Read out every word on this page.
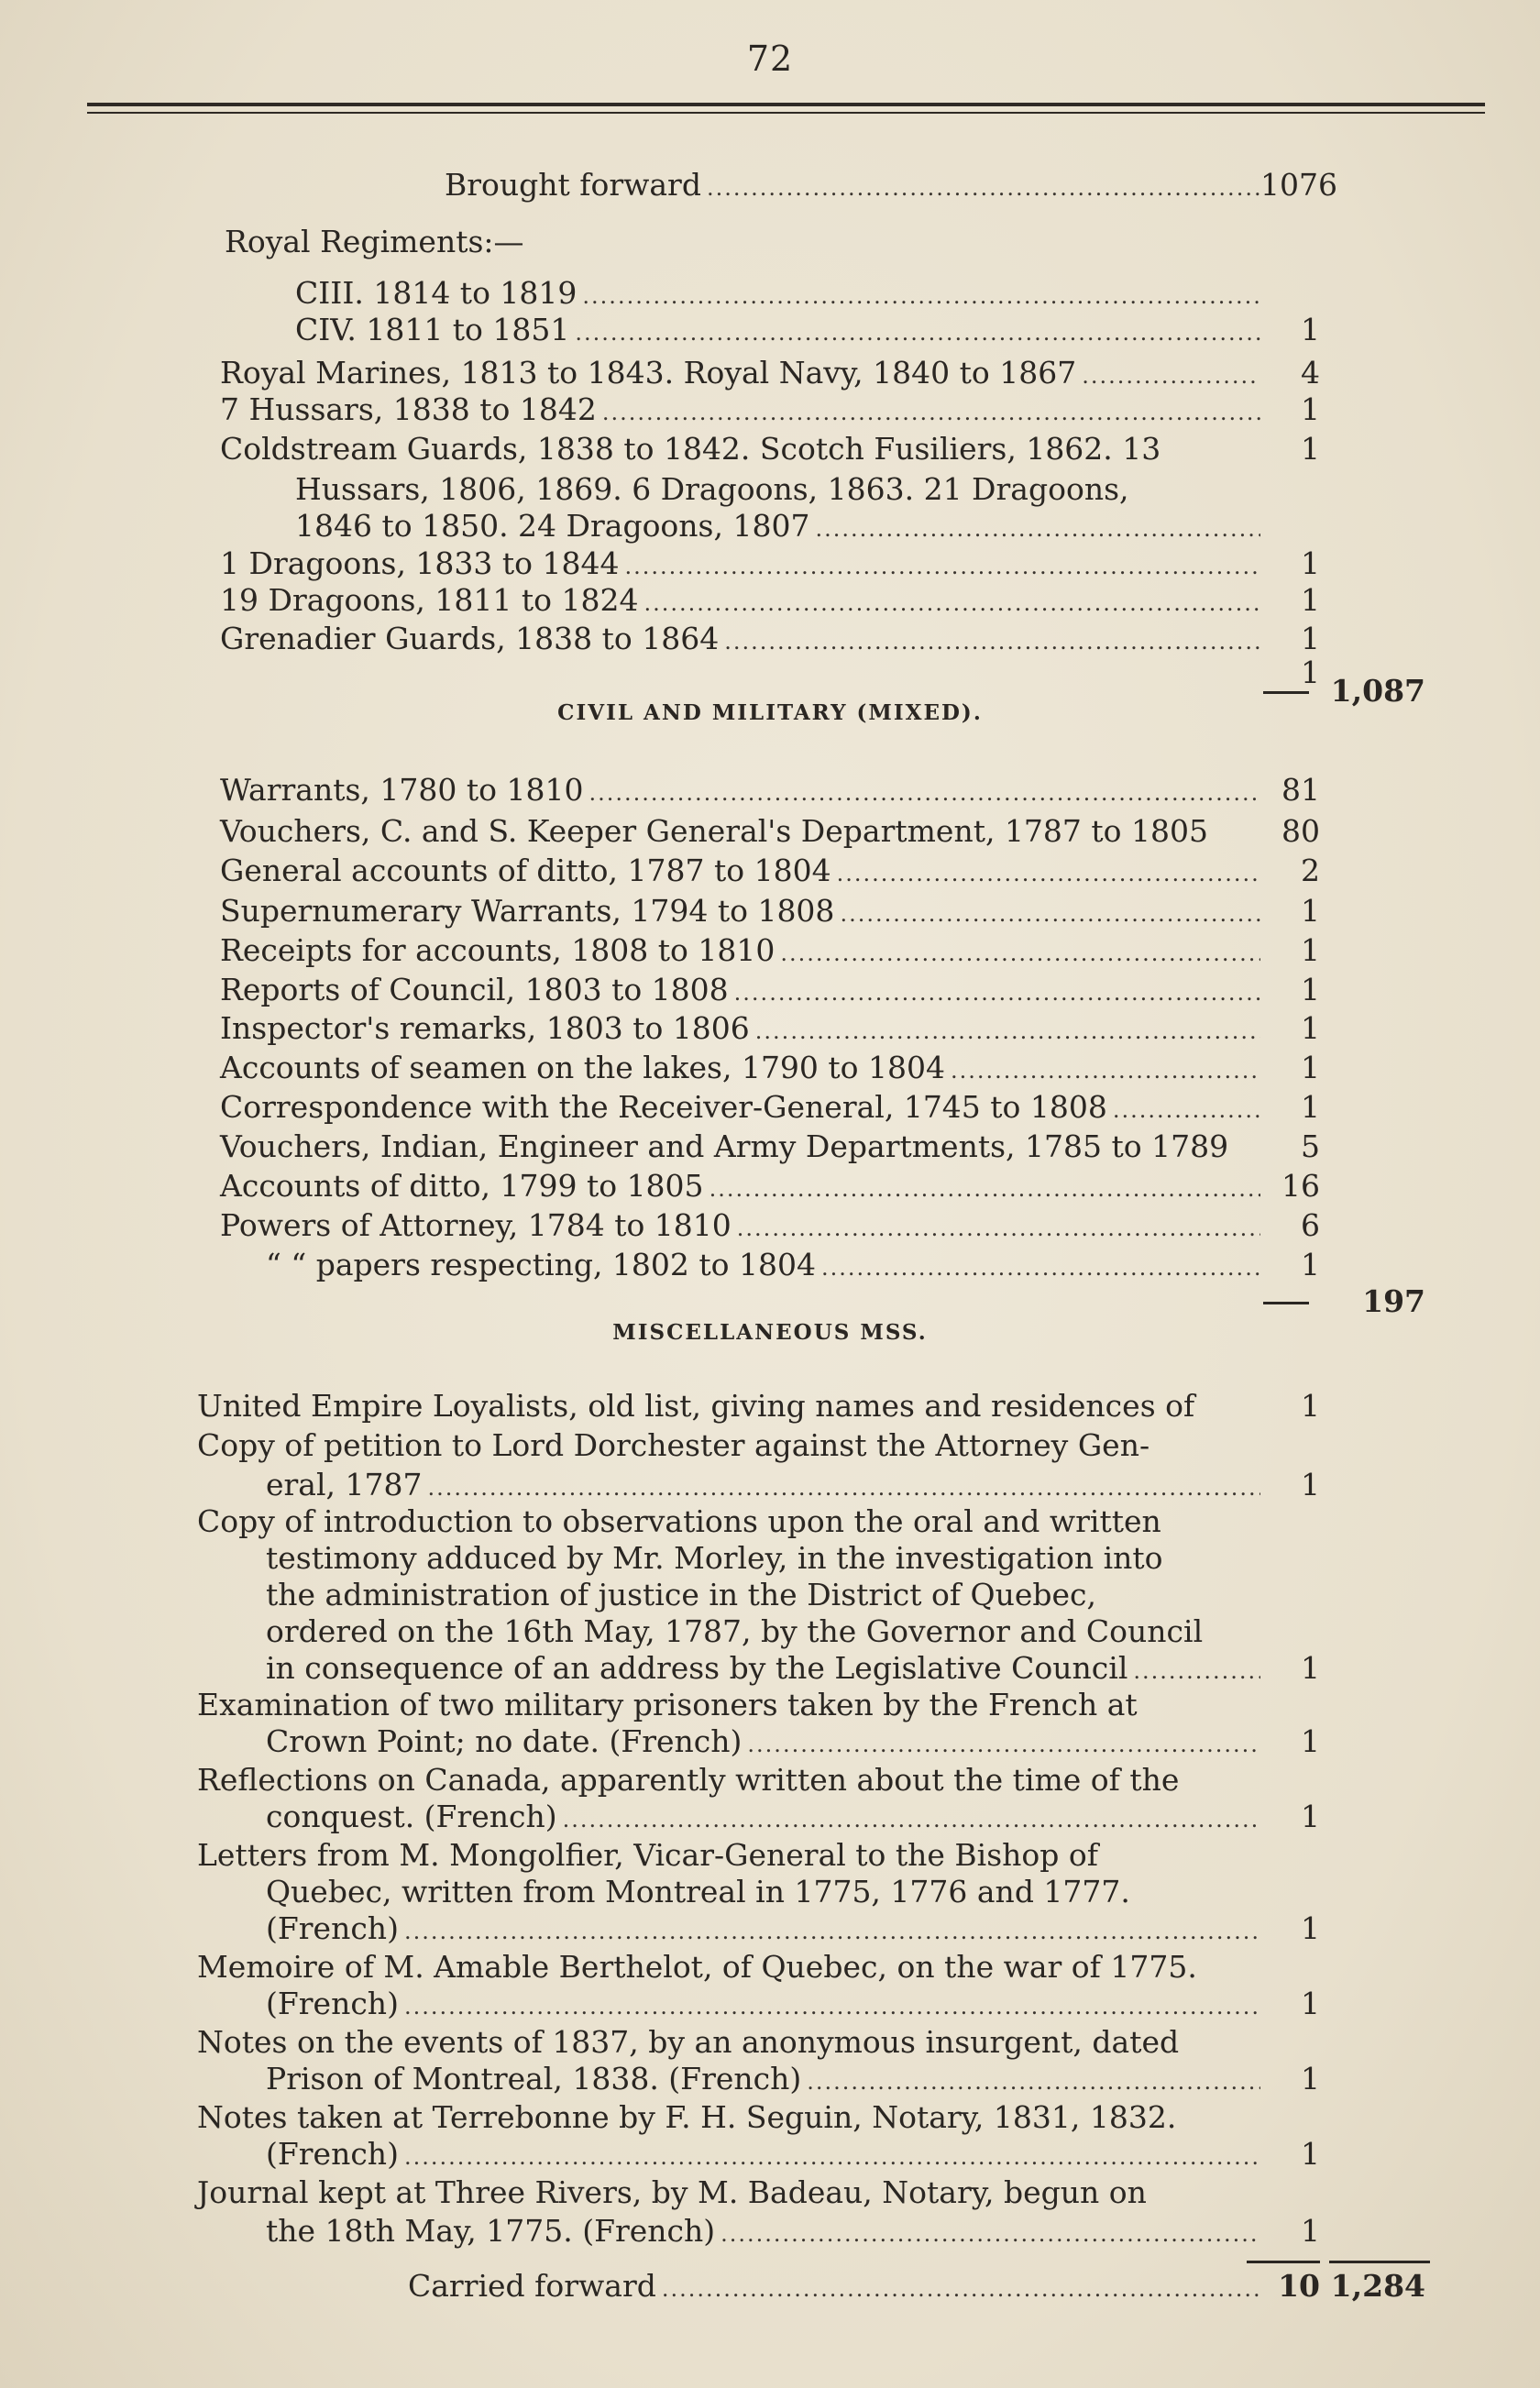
72
Brought forward .....	1076
Royal Regiments:—
CIII. 1814 to 1819
.....
CIV. 1811 to 1851 .....	1
Royal Marines, 1813 to 1843. Royal Navy, 1840 to 1867 .....	4
7 Hussars, 1838 to 1842 .....	1
Coldstream Guards, 1838 to 1842. Scotch Fusiliers, 1862. 13	1
Hussars, 1806, 1869. 6 Dragoons, 1863. 21 Dragoons,
1846 to 1850. 24 Dragoons, 1807
.....
1 Dragoons, 1833 to 1844 .....	1
19 Dragoons, 1811 to 1824 .....	1
Grenadier Guards, 1838 to 1864 .....	1
1
1,087
CIVIL AND MILITARY (MIXED).
Warrants, 1780 to 1810 .....	81
Vouchers, C. and S. Keeper General's Department, 1787 to 1805	80
General accounts of ditto, 1787 to 1804 .....	2
Supernumerary Warrants, 1794 to 1808 .....	1
Receipts for accounts, 1808 to 1810 .....	1
Reports of Council, 1803 to 1808 .....	1
Inspector's remarks, 1803 to 1806 .....	1
Accounts of seamen on the lakes, 1790 to 1804 .....	1
Correspondence with the Receiver-General, 1745 to 1808 .....	1
Vouchers, Indian, Engineer and Army Departments, 1785 to 1789	5
Accounts of ditto, 1799 to 1805 .....	16
Powers of Attorney, 1784 to 1810 .....	6
“ “ papers respecting, 1802 to 1804 .....	1
197
MISCELLANEOUS MSS.
United Empire Loyalists, old list, giving names and residences of	1
Copy of petition to Lord Dorchester against the Attorney Gen-
eral, 1787 .....	1
Copy of introduction to observations upon the oral and written
testimony adduced by Mr. Morley, in the investigation into
the administration of justice in the District of Quebec,
ordered on the 16th May, 1787, by the Governor and Council
in consequence of an address by the Legislative Council .....	1
Examination of two military prisoners taken by the French at
Crown Point; no date. (French) .....	1
Reflections on Canada, apparently written about the time of the
conquest. (French) .....	1
Letters from M. Mongolfier, Vicar-General to the Bishop of
Quebec, written from Montreal in 1775, 1776 and 1777.
(French) .....	1
Memoire of M. Amable Berthelot, of Quebec, on the war of 1775.
(French) .....	1
Notes on the events of 1837, by an anonymous insurgent, dated
Prison of Montreal, 1838. (French) .....	1
Notes taken at Terrebonne by F. H. Seguin, Notary, 1831, 1832.
(French) .....	1
Journal kept at Three Rivers, by M. Badeau, Notary, begun on
the 18th May, 1775. (French) .....	1
Carried forward .....	10 1,284
